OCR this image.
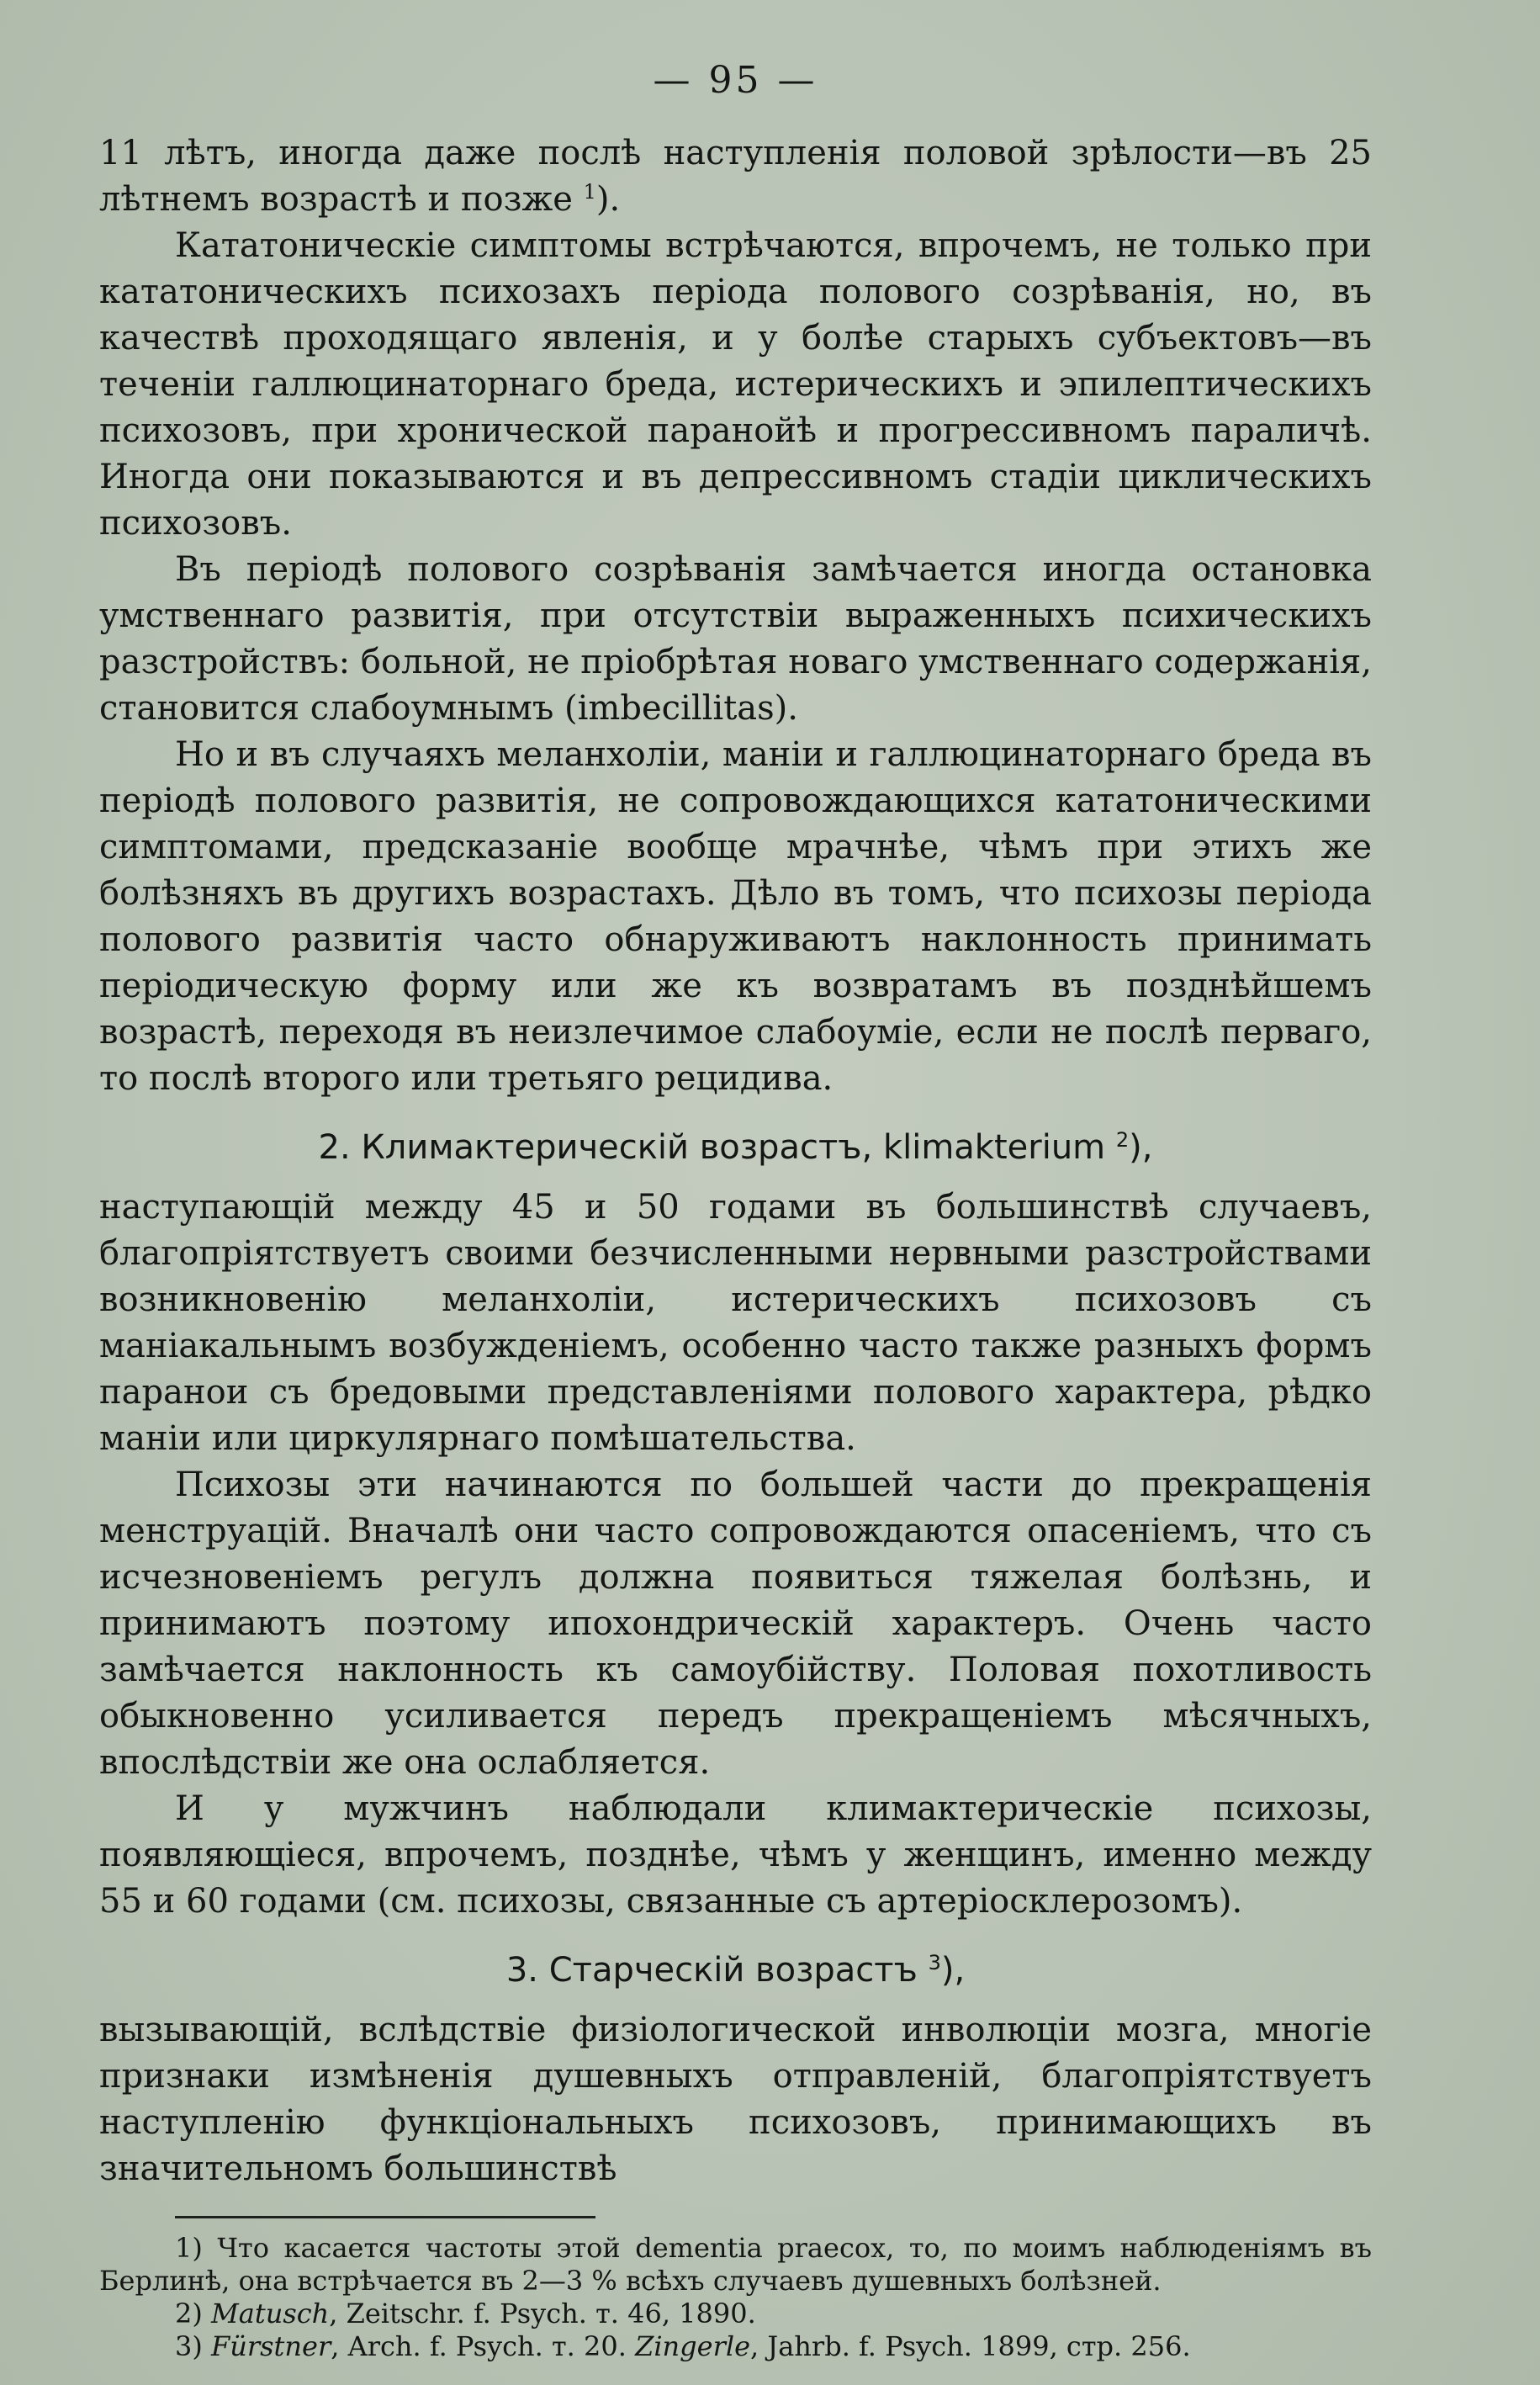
— 95 —

11 лѣтъ, иногда даже послѣ наступленія половой зрѣлости—въ 25 лѣтнемъ возрастѣ и позже $^1$).

Кататоническіе симптомы встрѣчаются, впрочемъ, не только при кататоническихъ психозахъ періода полового созрѣванія, но, въ качествѣ проходящаго явленія, и у болѣе старыхъ субъектовъ—въ теченіи галлюцинаторнаго бреда, истерическихъ и эпилептическихъ психозовъ, при хронической паранойѣ и прогрессивномъ параличѣ. Иногда они показываются и въ депрессивномъ стадіи циклическихъ психозовъ.

Въ періодѣ полового созрѣванія замѣчается иногда остановка умственнаго развитія, при отсутствіи выраженныхъ психическихъ разстройствъ: больной, не пріобрѣтая новаго умственнаго содержанія, становится слабоумнымъ (imbecillitas).

Но и въ случаяхъ меланхоліи, маніи и галлюцинаторнаго бреда въ періодѣ полового развитія, не сопровождающихся кататоническими симптомами, предсказаніе вообще мрачнѣе, чѣмъ при этихъ же болѣзняхъ въ другихъ возрастахъ. Дѣло въ томъ, что психозы періода полового развитія часто обнаруживаютъ наклонность принимать періодическую форму или же къ возвратамъ въ позднѣйшемъ возрастѣ, переходя въ неизлечимое слабоуміе, если не послѣ перваго, то послѣ второго или третьяго рецидива.

2. Климактерическій возрастъ, klimakterium $^2$),

наступающій между 45 и 50 годами въ большинствѣ случаевъ, благопріятствуетъ своими безчисленными нервными разстройствами возникновенію меланхоліи, истерическихъ психозовъ съ маніакальнымъ возбужденіемъ, особенно часто также разныхъ формъ паранои съ бредовыми представленіями полового характера, рѣдко маніи или циркулярнаго помѣшательства.

Психозы эти начинаются по большей части до прекращенія менструацій. Вначалѣ они часто сопровождаются опасеніемъ, что съ исчезновеніемъ регулъ должна появиться тяжелая болѣзнь, и принимаютъ поэтому ипохондрическій характеръ. Очень часто замѣчается наклонность къ самоубійству. Половая похотливость обыкновенно усиливается передъ прекращеніемъ мѣсячныхъ, впослѣдствіи же она ослабляется.

И у мужчинъ наблюдали климактерическіе психозы, появляющіеся, впрочемъ, позднѣе, чѣмъ у женщинъ, именно между 55 и 60 годами (см. психозы, связанные съ артеріосклерозомъ).

3. Старческій возрастъ $^3$),

вызывающій, вслѣдствіе физіологической инволюціи мозга, многіе признаки измѣненія душевныхъ отправленій, благопріятствуетъ наступленію функціональныхъ психозовъ, принимающихъ въ значительномъ большинствѣ

1) Что касается частоты этой dementia praecox, то, по моимъ наблюденіямъ въ Берлинѣ, она встрѣчается въ 2—3 % всѣхъ случаевъ душевныхъ болѣзней.

2) Matusch, Zeitschr. f. Psych. т. 46, 1890.

3) Fürstner, Arch. f. Psych. т. 20. Zingerle, Jahrb. f. Psych. 1899, стр. 256.
